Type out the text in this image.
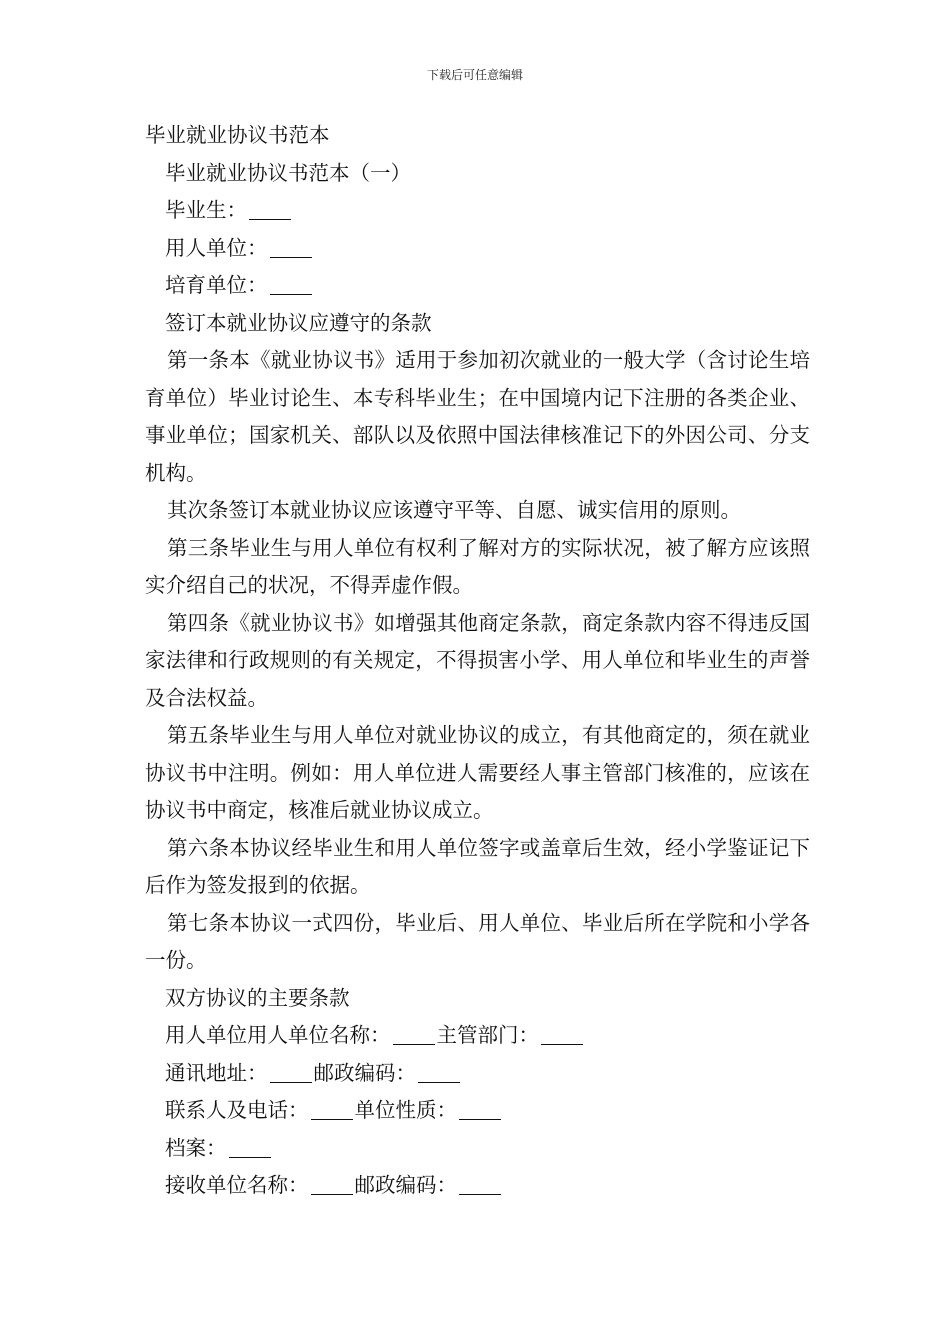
下载后可任意编辑
毕业就业协议书范本
毕业就业协议书范本（一）
毕业生：
用人单位：
培育单位：
签订本就业协议应遵守的条款
第一条本《就业协议书》适用于参加初次就业的一般大学（含讨论生培育单位）毕业讨论生、本专科毕业生；在中国境内记下注册的各类企业、事业单位；国家机关、部队以及依照中国法律核准记下的外因公司、分支机构。
其次条签订本就业协议应该遵守平等、自愿、诚实信用的原则。
第三条毕业生与用人单位有权利了解对方的实际状况，被了解方应该照实介绍自己的状况，不得弄虚作假。
第四条《就业协议书》如增强其他商定条款，商定条款内容不得违反国家法律和行政规则的有关规定，不得损害小学、用人单位和毕业生的声誉及合法权益。
第五条毕业生与用人单位对就业协议的成立，有其他商定的，须在就业协议书中注明。例如：用人单位进人需要经人事主管部门核准的，应该在协议书中商定，核准后就业协议成立。
第六条本协议经毕业生和用人单位签字或盖章后生效，经小学鉴证记下后作为签发报到的依据。
第七条本协议一式四份，毕业后、用人单位、毕业后所在学院和小学各一份。
双方协议的主要条款
用人单位用人单位名称： 主管部门：
通讯地址： 邮政编码：
联系人及电话： 单位性质：
档案：
接收单位名称： 邮政编码：
